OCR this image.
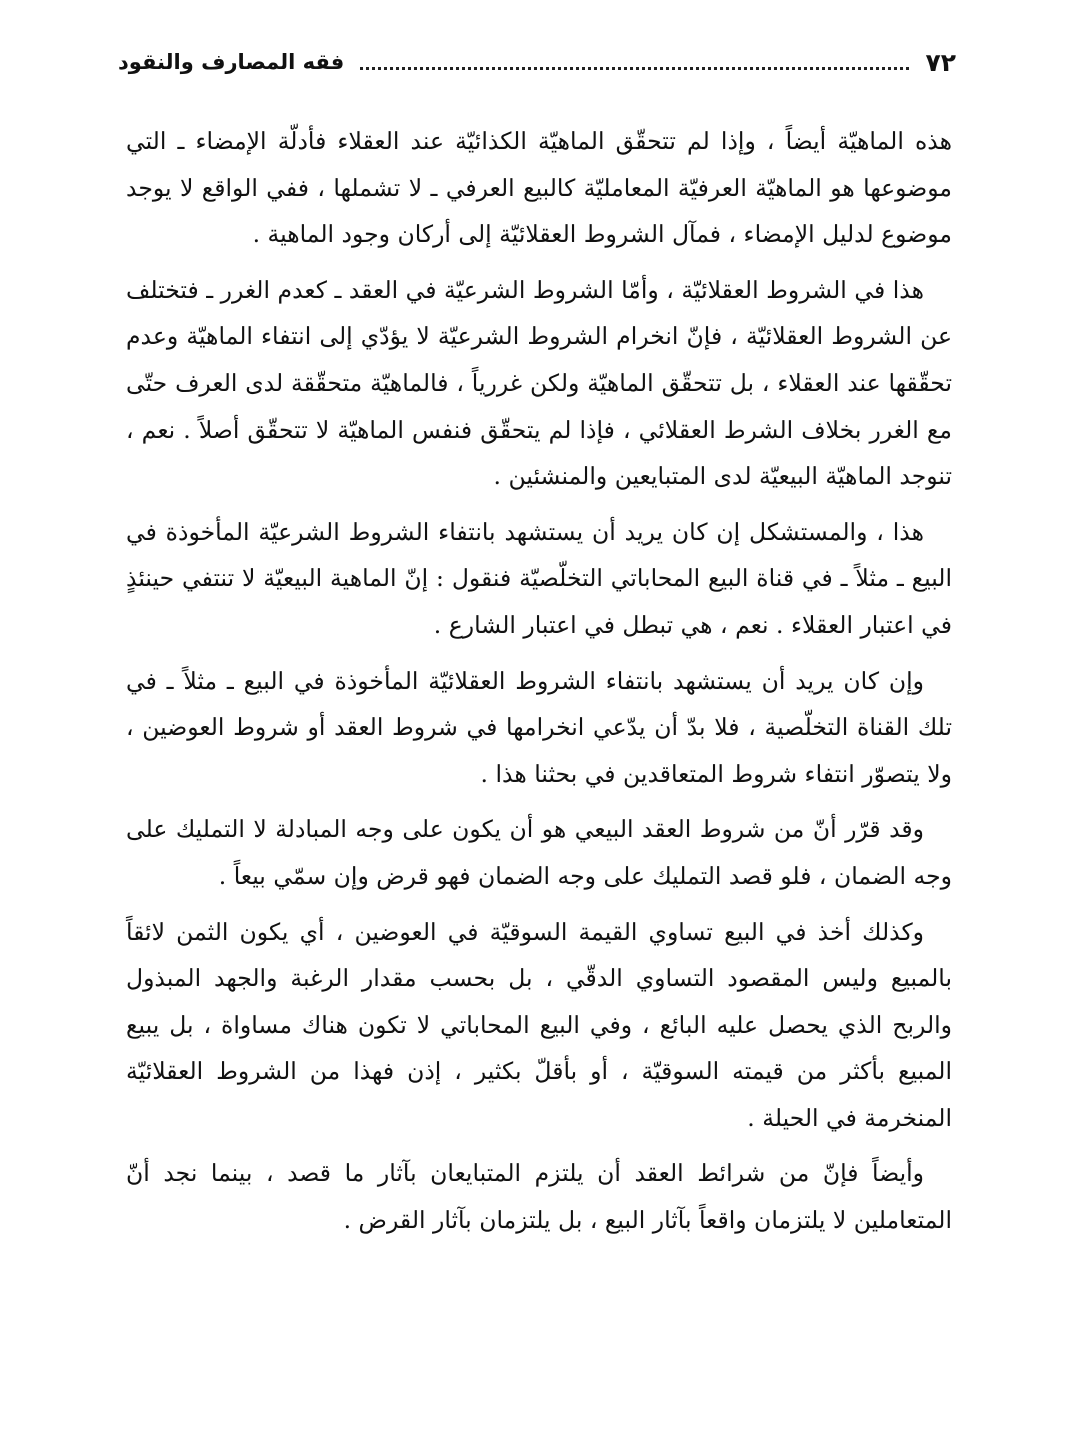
٧٢
فقه المصارف والنقود

هذه الماهيّة أيضاً ، وإذا لم تتحقّق الماهيّة الكذائيّة عند العقلاء فأدلّة الإمضاء ـ التي موضوعها هو الماهيّة العرفيّة المعامليّة كالبيع العرفي ـ لا تشملها ، ففي الواقع لا يوجد موضوع لدليل الإمضاء ، فمآل الشروط العقلائيّة إلى أركان وجود الماهية .

هذا في الشروط العقلائيّة ، وأمّا الشروط الشرعيّة في العقد ـ كعدم الغرر ـ فتختلف عن الشروط العقلائيّة ، فإنّ انخرام الشروط الشرعيّة لا يؤدّي إلى انتفاء الماهيّة وعدم تحقّقها عند العقلاء ، بل تتحقّق الماهيّة ولكن غررياً ، فالماهيّة متحقّقة لدى العرف حتّى مع الغرر بخلاف الشرط العقلائي ، فإذا لم يتحقّق فنفس الماهيّة لا تتحقّق أصلاً . نعم ، تنوجد الماهيّة البيعيّة لدى المتبايعين والمنشئين .

هذا ، والمستشكل إن كان يريد أن يستشهد بانتفاء الشروط الشرعيّة المأخوذة في البيع ـ مثلاً ـ في قناة البيع المحاباتي التخلّصيّة فنقول : إنّ الماهية البيعيّة لا تنتفي حينئذٍ في اعتبار العقلاء . نعم ، هي تبطل في اعتبار الشارع .

وإن كان يريد أن يستشهد بانتفاء الشروط العقلائيّة المأخوذة في البيع ـ مثلاً ـ في تلك القناة التخلّصية ، فلا بدّ أن يدّعي انخرامها في شروط العقد أو شروط العوضين ، ولا يتصوّر انتفاء شروط المتعاقدين في بحثنا هذا .

وقد قرّر أنّ من شروط العقد البيعي هو أن يكون على وجه المبادلة لا التمليك على وجه الضمان ، فلو قصد التمليك على وجه الضمان فهو قرض وإن سمّي بيعاً .

وكذلك أخذ في البيع تساوي القيمة السوقيّة في العوضين ، أي يكون الثمن لائقاً بالمبيع وليس المقصود التساوي الدقّي ، بل بحسب مقدار الرغبة والجهد المبذول والربح الذي يحصل عليه البائع ، وفي البيع المحاباتي لا تكون هناك مساواة ، بل يبيع المبيع بأكثر من قيمته السوقيّة ، أو بأقلّ بكثير ، إذن فهذا من الشروط العقلائيّة المنخرمة في الحيلة .

وأيضاً فإنّ من شرائط العقد أن يلتزم المتبايعان بآثار ما قصد ، بينما نجد أنّ المتعاملين لا يلتزمان واقعاً بآثار البيع ، بل يلتزمان بآثار القرض .
